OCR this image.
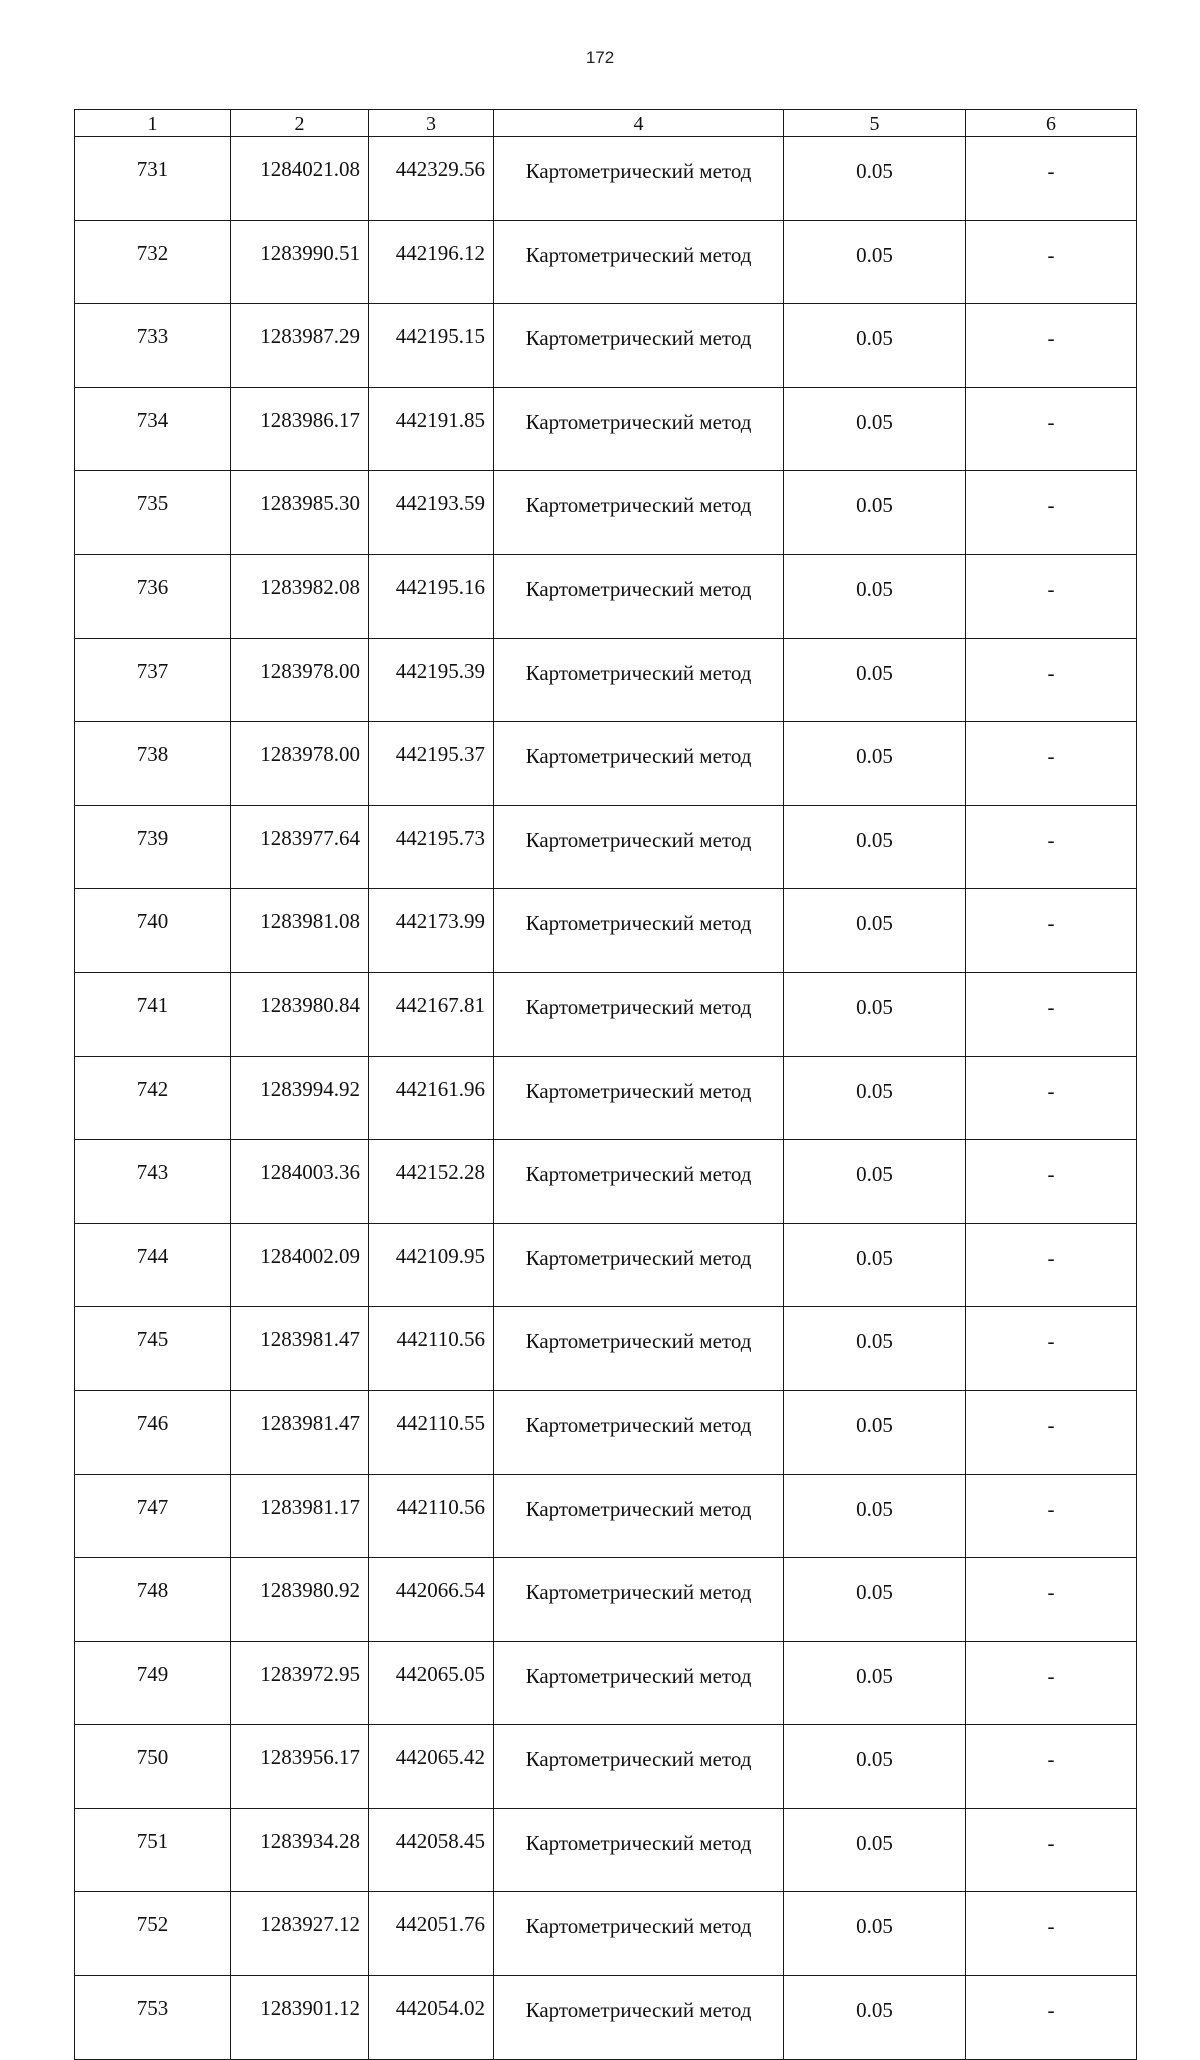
172
1	2	3	4	5	6
731	1284021.08	442329.56	Картометрический метод	0.05	-
732	1283990.51	442196.12	Картометрический метод	0.05	-
733	1283987.29	442195.15	Картометрический метод	0.05	-
734	1283986.17	442191.85	Картометрический метод	0.05	-
735	1283985.30	442193.59	Картометрический метод	0.05	-
736	1283982.08	442195.16	Картометрический метод	0.05	-
737	1283978.00	442195.39	Картометрический метод	0.05	-
738	1283978.00	442195.37	Картометрический метод	0.05	-
739	1283977.64	442195.73	Картометрический метод	0.05	-
740	1283981.08	442173.99	Картометрический метод	0.05	-
741	1283980.84	442167.81	Картометрический метод	0.05	-
742	1283994.92	442161.96	Картометрический метод	0.05	-
743	1284003.36	442152.28	Картометрический метод	0.05	-
744	1284002.09	442109.95	Картометрический метод	0.05	-
745	1283981.47	442110.56	Картометрический метод	0.05	-
746	1283981.47	442110.55	Картометрический метод	0.05	-
747	1283981.17	442110.56	Картометрический метод	0.05	-
748	1283980.92	442066.54	Картометрический метод	0.05	-
749	1283972.95	442065.05	Картометрический метод	0.05	-
750	1283956.17	442065.42	Картометрический метод	0.05	-
751	1283934.28	442058.45	Картометрический метод	0.05	-
752	1283927.12	442051.76	Картометрический метод	0.05	-
753	1283901.12	442054.02	Картометрический метод	0.05	-
